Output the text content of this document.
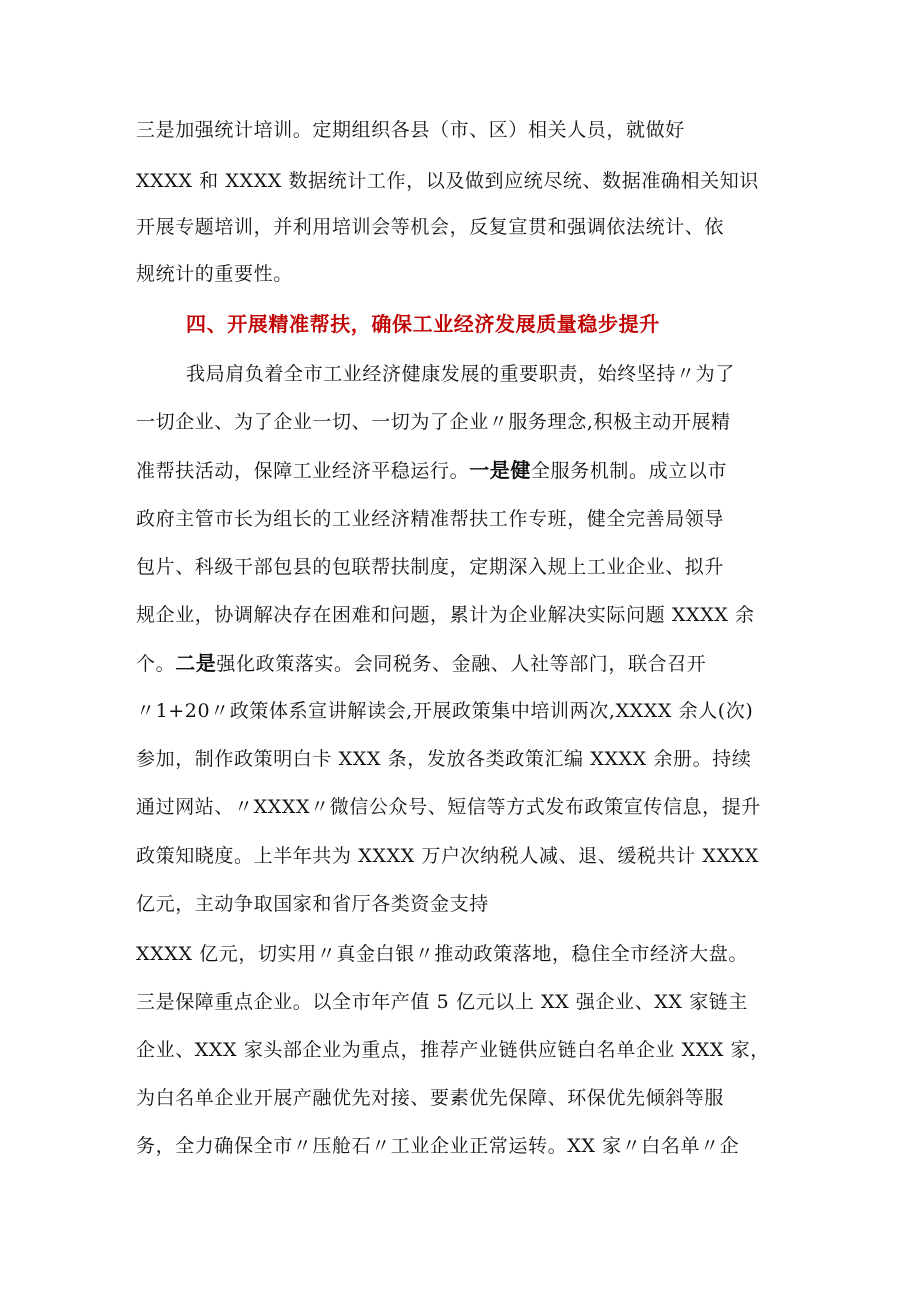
三是加强统计培训。定期组织各县（市、区）相关人员，就做好
XXXX 和 XXXX 数据统计工作，以及做到应统尽统、数据准确相关知识
开展专题培训，并利用培训会等机会，反复宣贯和强调依法统计、依
规统计的重要性。
四、开展精准帮扶，确保工业经济发展质量稳步提升
我局肩负着全市工业经济健康发展的重要职责，始终坚持〃为了
一切企业、为了企业一切、一切为了企业〃服务理念,积极主动开展精
准帮扶活动，保障工业经济平稳运行。一是健全服务机制。成立以市
政府主管市长为组长的工业经济精准帮扶工作专班，健全完善局领导
包片、科级干部包县的包联帮扶制度，定期深入规上工业企业、拟升
规企业，协调解决存在困难和问题，累计为企业解决实际问题 XXXX 余
个。二是强化政策落实。会同税务、金融、人社等部门，联合召开
〃1+20〃政策体系宣讲解读会,开展政策集中培训两次,XXXX 余人(次)
参加，制作政策明白卡 XXX 条，发放各类政策汇编 XXXX 余册。持续
通过网站、〃XXXX〃微信公众号、短信等方式发布政策宣传信息，提升
政策知晓度。上半年共为 XXXX 万户次纳税人减、退、缓税共计 XXXX
亿元，主动争取国家和省厅各类资金支持
XXXX 亿元，切实用〃真金白银〃推动政策落地，稳住全市经济大盘。
三是保障重点企业。以全市年产值 5 亿元以上 XX 强企业、XX 家链主
企业、XXX 家头部企业为重点，推荐产业链供应链白名单企业 XXX 家，
为白名单企业开展产融优先对接、要素优先保障、环保优先倾斜等服
务，全力确保全市〃压舱石〃工业企业正常运转。XX 家〃白名单〃企
